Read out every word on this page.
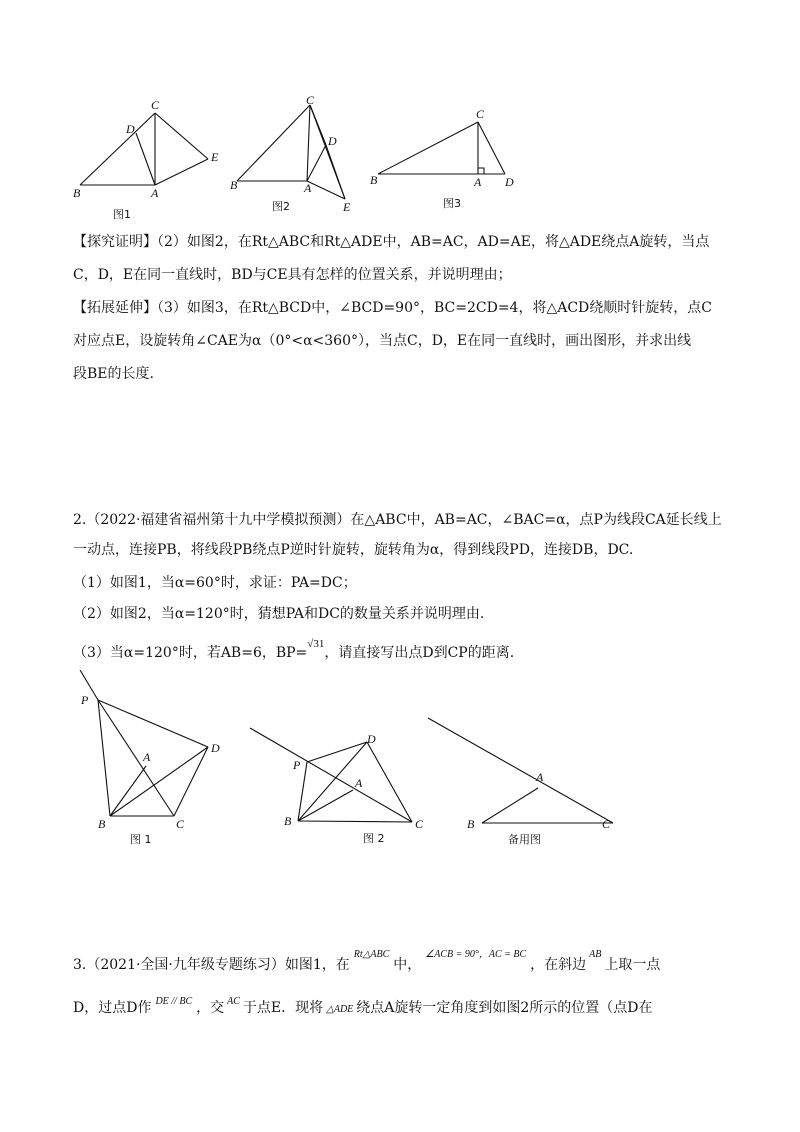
B	A
C
D
E
图1
B	A
C
D
E
图2
B	A
C
D
图3
【探究证明】（2）如图2，在Rt△ABC和Rt△ADE中，AB=AC，AD=AE，将△ADE绕点A旋转，当点
C，D，E在同一直线时，BD与CE具有怎样的位置关系，并说明理由；
【拓展延伸】（3）如图3，在Rt△BCD中，∠BCD=90°，BC=2CD=4，将△ACD绕顺时针旋转，点C
对应点E，设旋转角∠CAE为α（0°<α<360°），当点C，D，E在同一直线时，画出图形，并求出线
段BE的长度.
2.（2022·福建省福州第十九中学模拟预测）在△ABC中，AB=AC，∠BAC=α，点P为线段CA延长线上
一动点，连接PB，将线段PB绕点P逆时针旋转，旋转角为α，得到线段PD，连接DB，DC.
（1）如图1，当α=60°时，求证：PA=DC；
（2）如图2，当α=120°时，猜想PA和DC的数量关系并说明理由.
（3）当α=120°时，若AB=6，BP=$^{√31}$，请直接写出点D到CP的距离.
P
A
D
B	C
图 1
P
A
D
B	C
图 2
A
B	C
备用图
3.（2021·全国·九年级专题练习）如图1，在$^{Rt\triangle ABC}$中，$^{\angle ACB = 90^\circ,AC = BC}$，在斜边$^{AB}$上取一点
D，过点D作 $^{DE // BC}$ ，交 $^{AC}$ 于点E．现将 △ADE 绕点A旋转一定角度到如图2所示的位置（点D在
